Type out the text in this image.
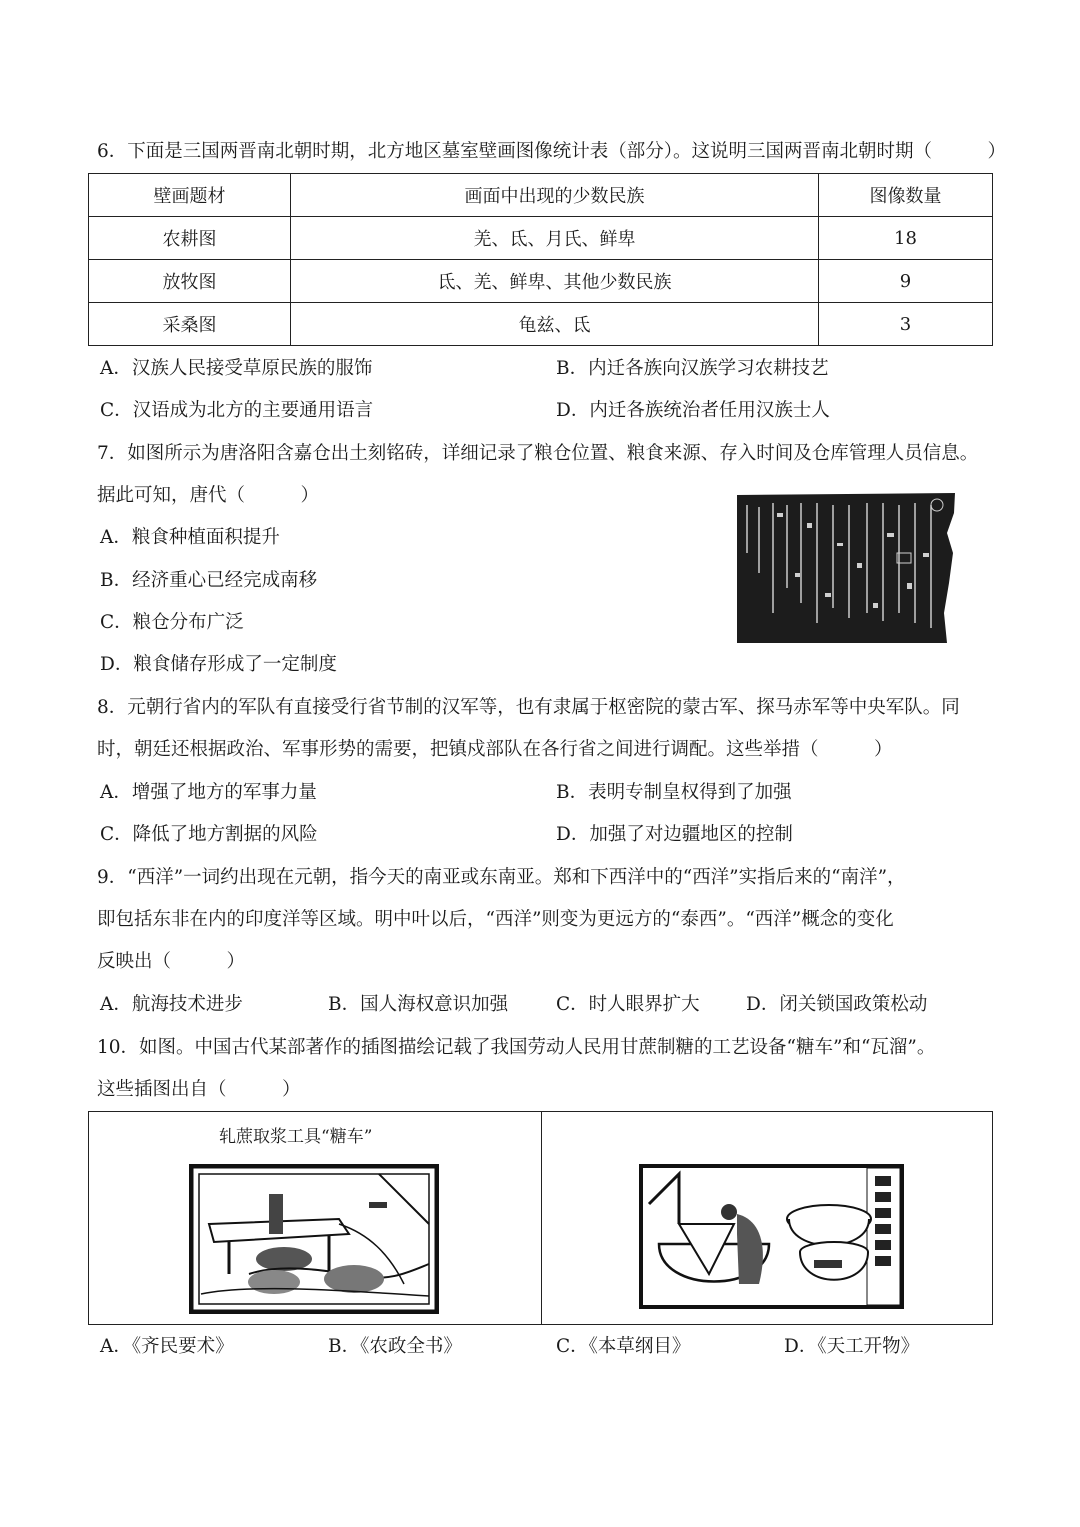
6．下面是三国两晋南北朝时期，北方地区墓室壁画图像统计表（部分）。这说明三国两晋南北朝时期（　　　）
壁画题材	画面中出现的少数民族	图像数量
农耕图	羌、氐、月氏、鲜卑	18
放牧图	氐、羌、鲜卑、其他少数民族	9
采桑图	龟兹、氐	3
A．汉族人民接受草原民族的服饰	B．内迁各族向汉族学习农耕技艺
C．汉语成为北方的主要通用语言	D．内迁各族统治者任用汉族士人
7．如图所示为唐洛阳含嘉仓出土刻铭砖，详细记录了粮仓位置、粮食来源、存入时间及仓库管理人员信息。
据此可知，唐代（　　　）
A．粮食种植面积提升
B．经济重心已经完成南移
C．粮仓分布广泛
D．粮食储存形成了一定制度
8．元朝行省内的军队有直接受行省节制的汉军等，也有隶属于枢密院的蒙古军、探马赤军等中央军队。同
时，朝廷还根据政治、军事形势的需要，把镇戍部队在各行省之间进行调配。这些举措（　　　）
A．增强了地方的军事力量	B．表明专制皇权得到了加强
C．降低了地方割据的风险	D．加强了对边疆地区的控制
9．“西洋”一词约出现在元朝，指今天的南亚或东南亚。郑和下西洋中的“西洋”实指后来的“南洋”，
即包括东非在内的印度洋等区域。明中叶以后，“西洋”则变为更远方的“泰西”。“西洋”概念的变化
反映出（　　　）
A．航海技术进步	B．国人海权意识加强	C．时人眼界扩大	D．闭关锁国政策松动
10．如图。中国古代某部著作的插图描绘记载了我国劳动人民用甘蔗制糖的工艺设备“糖车”和“瓦溜”。
这些插图出自（　　　）
轧蔗取浆工具“糖车”
A．《齐民要术》	B．《农政全书》	C．《本草纲目》	D．《天工开物》
